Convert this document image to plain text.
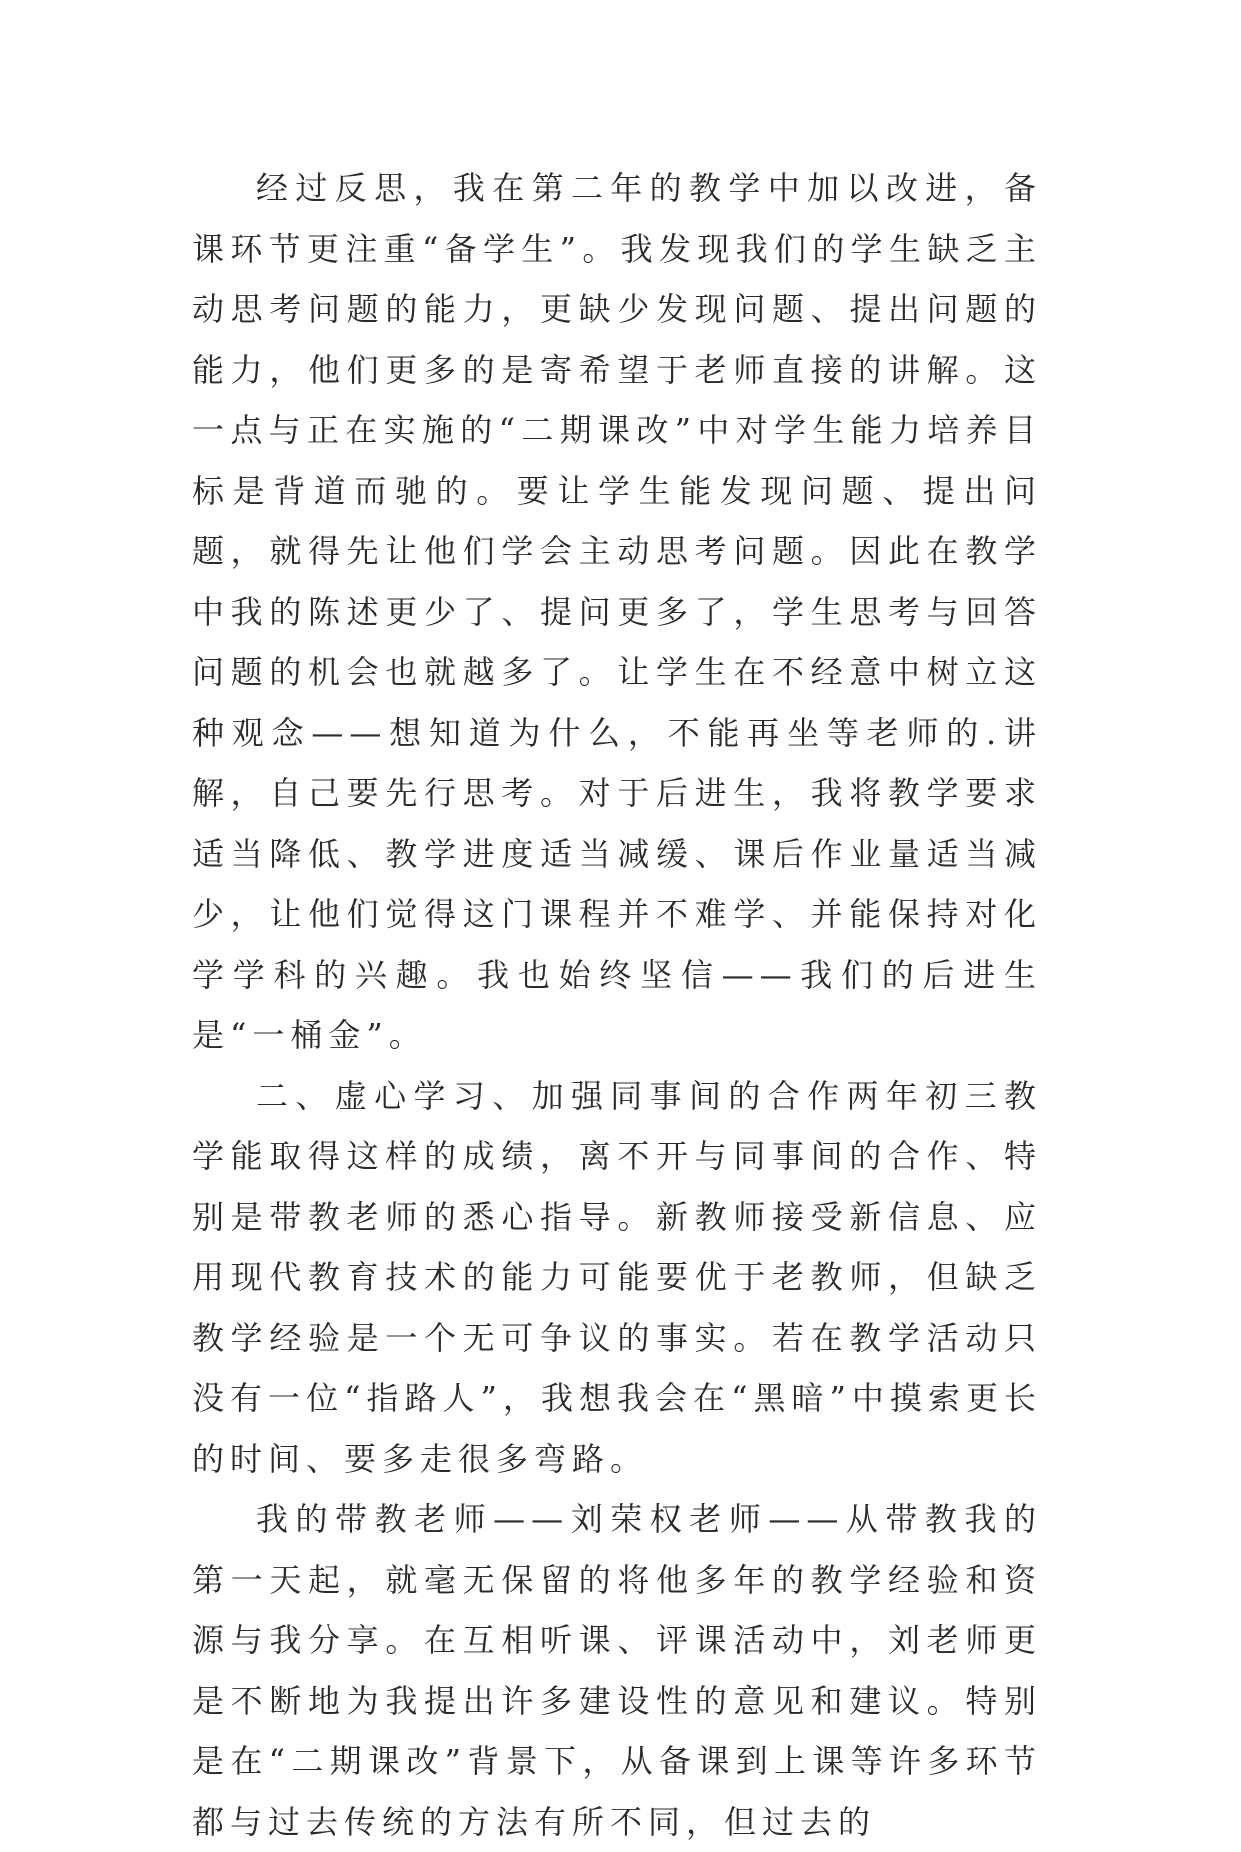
经过反思，我在第二年的教学中加以改进，备课环节更注重“备学生”。我发现我们的学生缺乏主动思考问题的能力，更缺少发现问题、提出问题的能力，他们更多的是寄希望于老师直接的讲解。这一点与正在实施的“二期课改”中对学生能力培养目标是背道而驰的。要让学生能发现问题、提出问题，就得先让他们学会主动思考问题。因此在教学中我的陈述更少了、提问更多了，学生思考与回答问题的机会也就越多了。让学生在不经意中树立这种观念——想知道为什么，不能再坐等老师的.讲解，自己要先行思考。对于后进生，我将教学要求适当降低、教学进度适当减缓、课后作业量适当减少，让他们觉得这门课程并不难学、并能保持对化学学科的兴趣。我也始终坚信——我们的后进生是“一桶金”。

二、虚心学习、加强同事间的合作两年初三教学能取得这样的成绩，离不开与同事间的合作、特别是带教老师的悉心指导。新教师接受新信息、应用现代教育技术的能力可能要优于老教师，但缺乏教学经验是一个无可争议的事实。若在教学活动只没有一位“指路人”，我想我会在“黑暗”中摸索更长的时间、要多走很多弯路。

我的带教老师——刘荣权老师——从带教我的第一天起，就毫无保留的将他多年的教学经验和资源与我分享。在互相听课、评课活动中，刘老师更是不断地为我提出许多建设性的意见和建议。特别是在“二期课改”背景下，从备课到上课等许多环节都与过去传统的方法有所不同，但过去的
